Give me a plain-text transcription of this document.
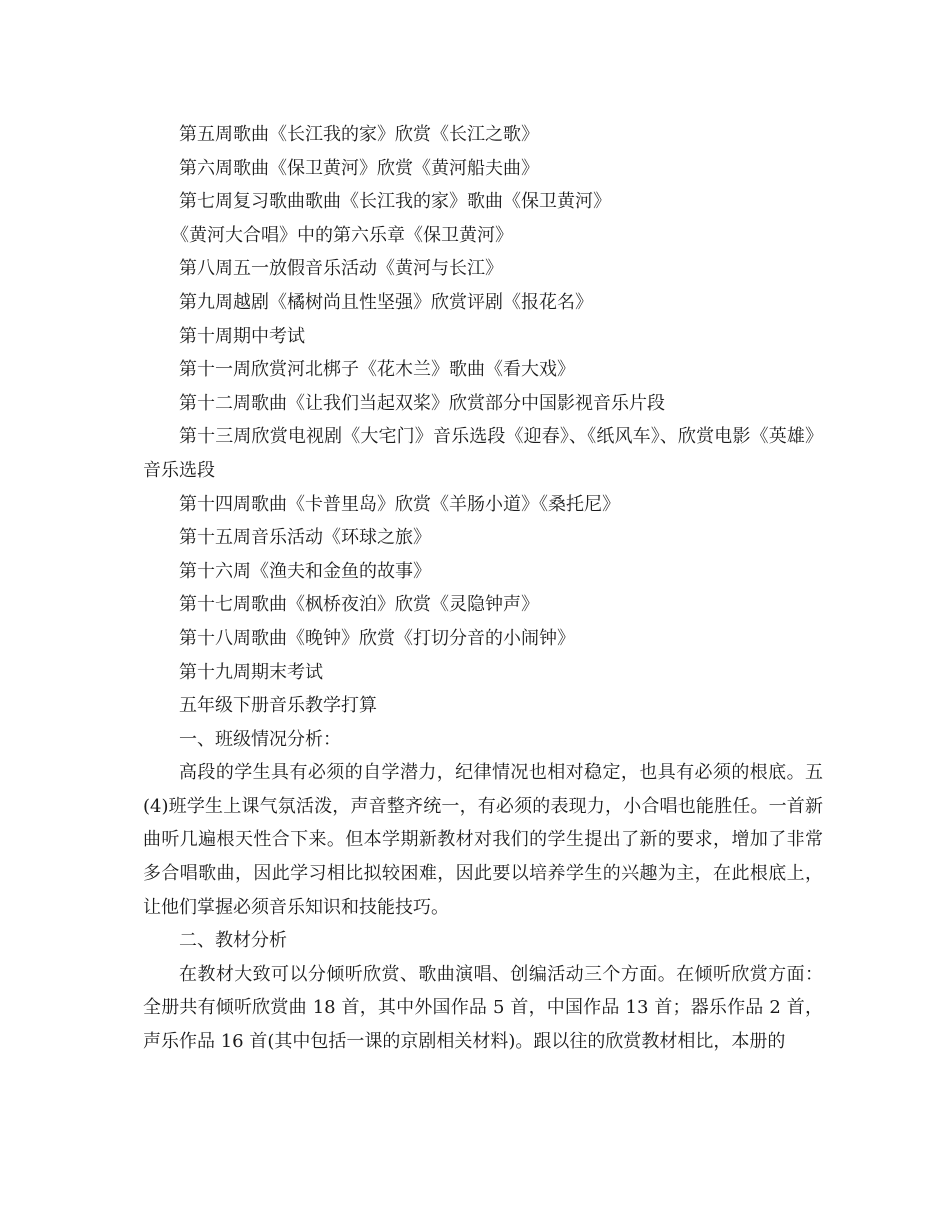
第五周歌曲《长江我的家》欣赏《长江之歌》

第六周歌曲《保卫黄河》欣赏《黄河船夫曲》

第七周复习歌曲歌曲《长江我的家》歌曲《保卫黄河》

《黄河大合唱》中的第六乐章《保卫黄河》

第八周五一放假音乐活动《黄河与长江》

第九周越剧《橘树尚且性坚强》欣赏评剧《报花名》

第十周期中考试

第十一周欣赏河北梆子《花木兰》歌曲《看大戏》

第十二周歌曲《让我们当起双桨》欣赏部分中国影视音乐片段

第十三周欣赏电视剧《大宅门》音乐选段《迎春》、《纸风车》、欣赏电影《英雄》音乐选段

第十四周歌曲《卡普里岛》欣赏《羊肠小道》《桑托尼》

第十五周音乐活动《环球之旅》

第十六周《渔夫和金鱼的故事》

第十七周歌曲《枫桥夜泊》欣赏《灵隐钟声》

第十八周歌曲《晚钟》欣赏《打切分音的小闹钟》

第十九周期末考试

五年级下册音乐教学打算

一、班级情况分析：

高段的学生具有必须的自学潜力，纪律情况也相对稳定，也具有必须的根底。五(4)班学生上课气氛活泼，声音整齐统一，有必须的表现力，小合唱也能胜任。一首新曲听几遍根天性合下来。但本学期新教材对我们的学生提出了新的要求，增加了非常多合唱歌曲，因此学习相比拟较困难，因此要以培养学生的兴趣为主，在此根底上，让他们掌握必须音乐知识和技能技巧。

二、教材分析

在教材大致可以分倾听欣赏、歌曲演唱、创编活动三个方面。在倾听欣赏方面：全册共有倾听欣赏曲 18 首，其中外国作品 5 首，中国作品 13 首；器乐作品 2 首，声乐作品 16 首(其中包括一课的京剧相关材料)。跟以往的欣赏教材相比，本册的
